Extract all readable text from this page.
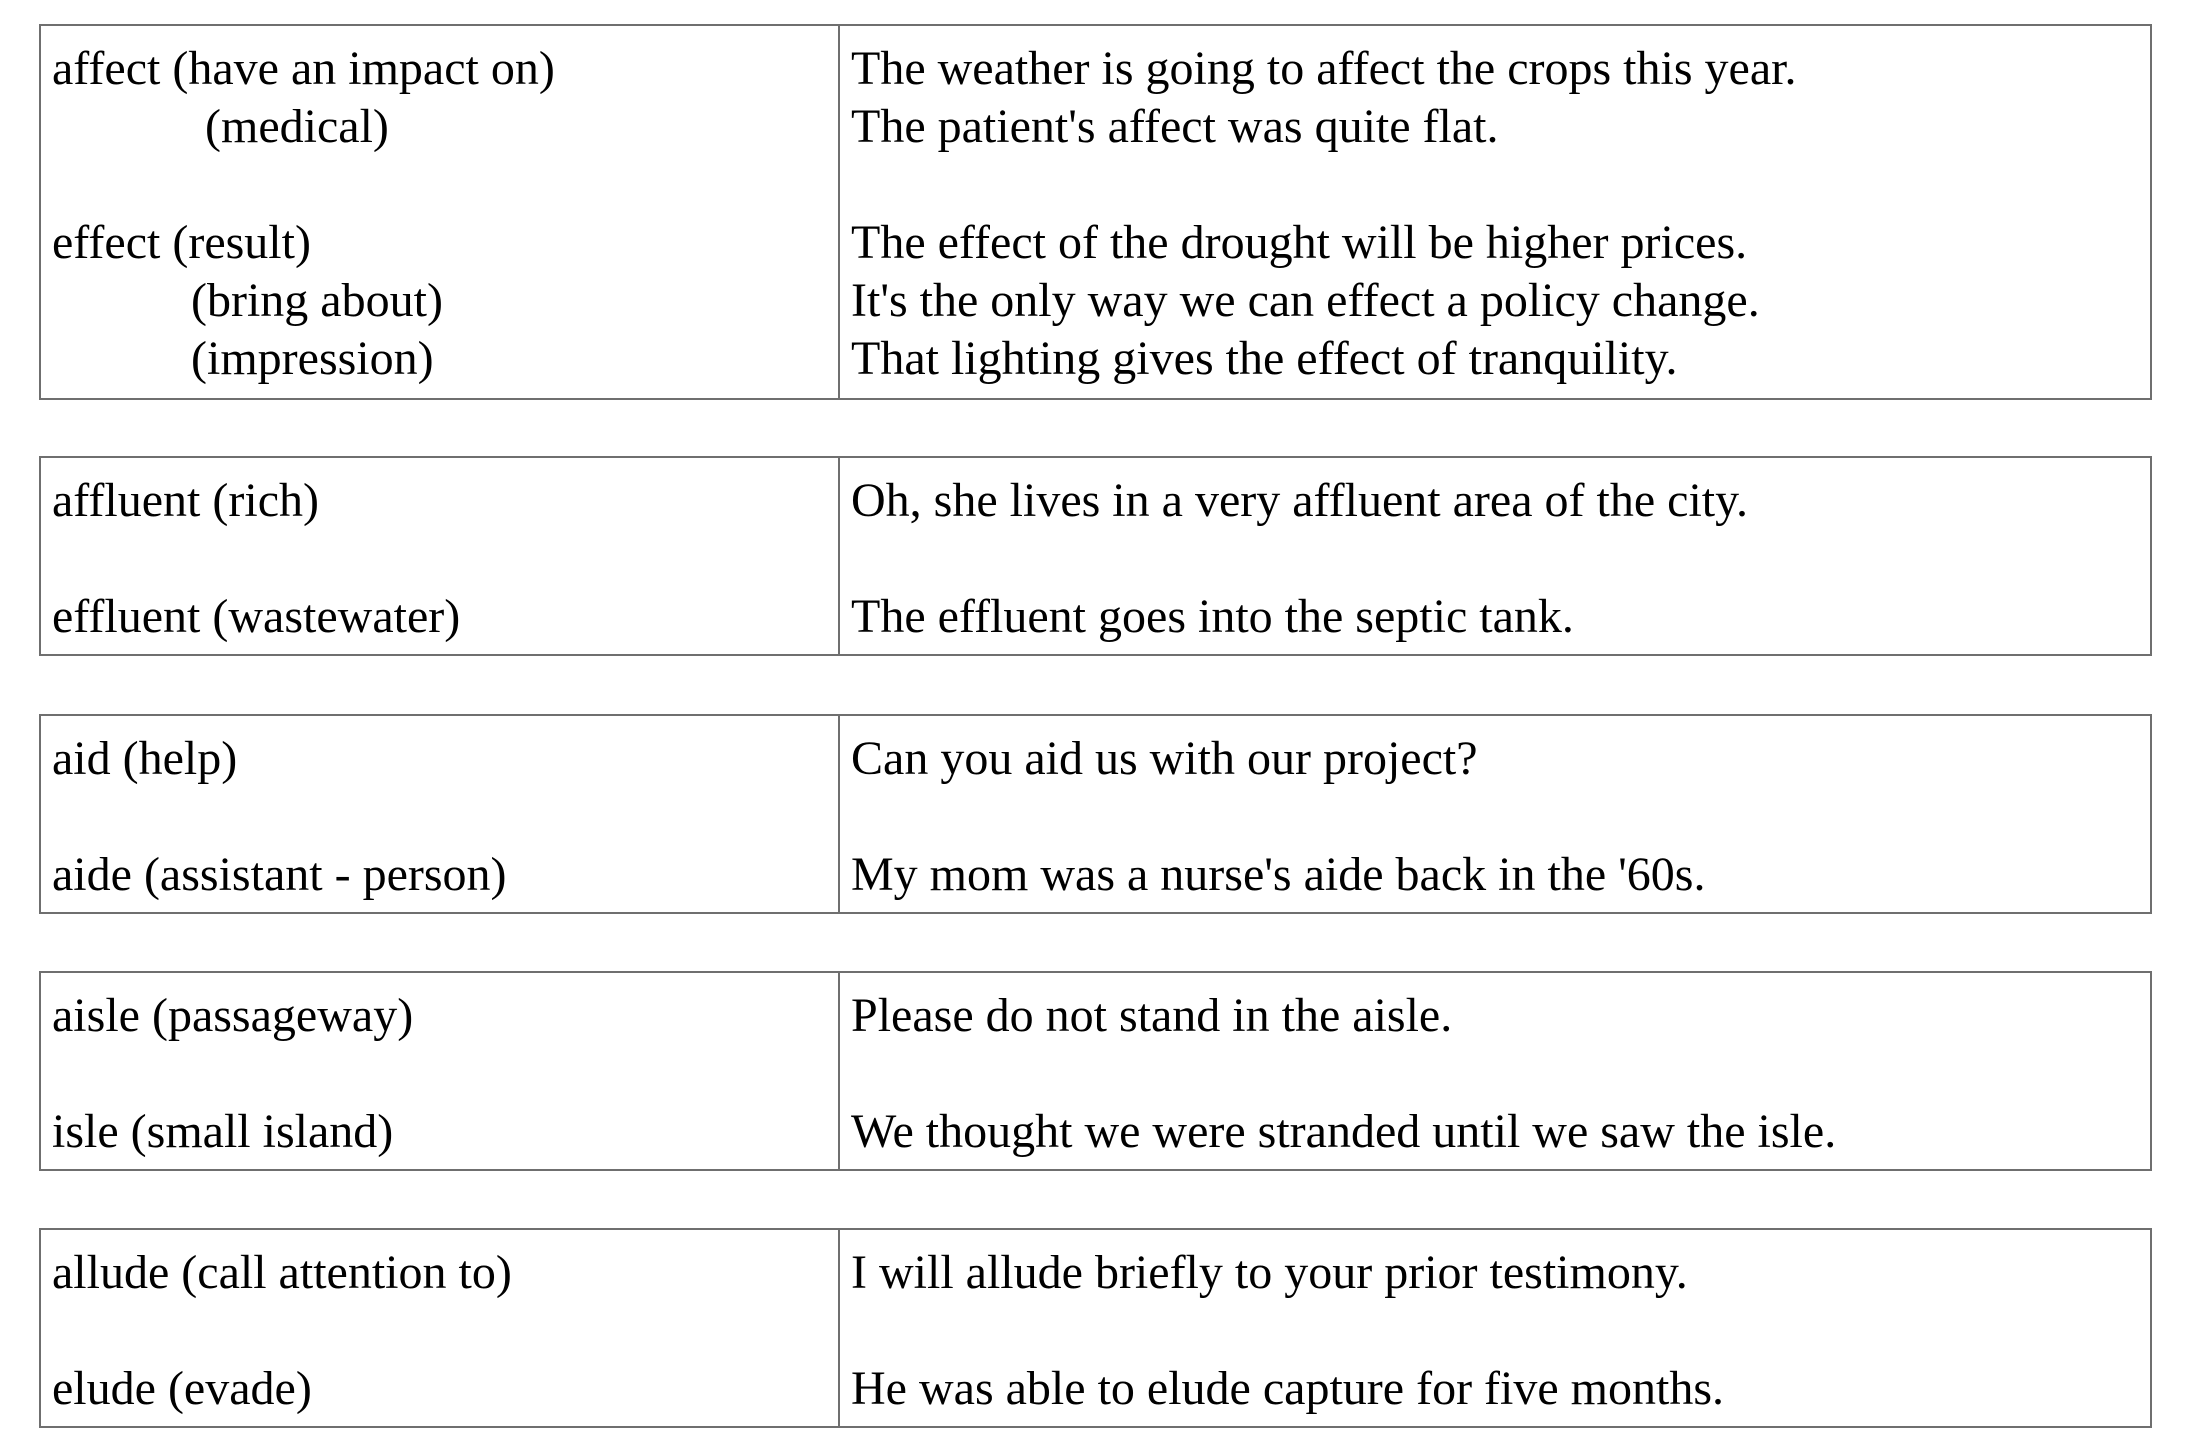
affect (have an impact on)
(medical)
effect (result)
(bring about)
(impression)
The weather is going to affect the crops this year.
The patient's affect was quite flat.
The effect of the drought will be higher prices.
It's the only way we can effect a policy change.
That lighting gives the effect of tranquility.
affluent (rich)
effluent (wastewater)
Oh, she lives in a very affluent area of the city.
The effluent goes into the septic tank.
aid (help)
aide (assistant - person)
Can you aid us with our project?
My mom was a nurse's aide back in the '60s.
aisle (passageway)
isle (small island)
Please do not stand in the aisle.
We thought we were stranded until we saw the isle.
allude (call attention to)
elude (evade)
I will allude briefly to your prior testimony.
He was able to elude capture for five months.
